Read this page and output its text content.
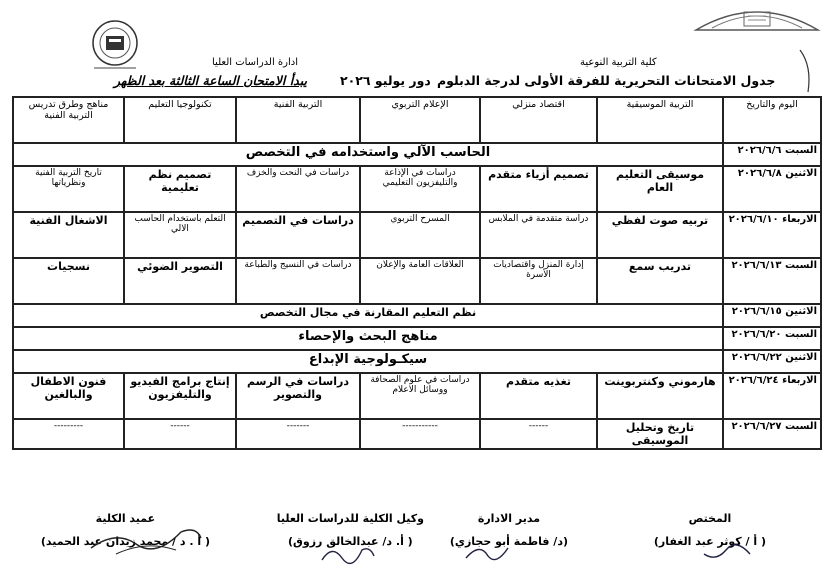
كلية التربية النوعية
ادارة الدراسات العليا
جدول الامتحانات التحريرية للفرقة الأولى لدرجة الدبلوم
دور يوليو ٢٠٢٦
يبدأ الامتحان الساعة الثالثة بعد الظهر
اليوم والتاريخ	التربية الموسيقية	اقتصاد منزلي	الإعلام التربوي	التربية الفنية	تكنولوجيا التعليم	مناهج وطرق تدريس التربية الفنية
السبت ٢٠٢٦/٦/٦	الحاسب الآلي واستخدامه في التخصص					
الاثنين ٢٠٢٦/٦/٨	موسيقى التعليم العام	تصميم أزياء متقدم	دراسات في الإذاعة والتليفزيون التعليمي	دراسات في النحت والخزف	تصميم نظم تعليمية	تاريخ التربية الفنية ونظرياتها
الاربعاء ٢٠٢٦/٦/١٠	تربيه صوت لفظي	دراسة متقدمة في الملابس	المسرح التربوي	دراسات في التصميم	التعلم باستخدام الحاسب الالي	الاشغال الفنية
السبت ٢٠٢٦/٦/١٣	تدريب سمع	إدارة المنزل واقتصاديات الأسرة	العلاقات العامة والإعلان	دراسات في النسيج والطباعة	التصوير الضوئي	نسجيات
الاثنين ٢٠٢٦/٦/١٥	نظم التعليم المقارنة في مجال التخصص					
السبت ٢٠٢٦/٦/٢٠	مناهج البحث والإحصاء					
الاثنين ٢٠٢٦/٦/٢٢	سيكـولوجية الإبداع					
الاربعاء ٢٠٢٦/٦/٢٤	هارموني وكنتربوينت	تغذيه متقدم	دراسات في علوم الصحافة ووسائل الاعلام	دراسات في الرسم والتصوير	إنتاج برامج الفيديو والتليفزيون	فنون الاطفال والبالغين
السبت ٢٠٢٦/٦/٢٧	تاريخ وتحليل الموسيقى	------	-----------	-------	------	---------
المختص
( أ / كوثر عبد الغفار)
مدير الادارة
(د/ فاطمة أبو حجازي)
وكيل الكلية للدراسات العليا
( أ. د/ عبدالخالق رزوق)
عميد الكلية
( أ . د / محمد زيدان عبد الحميد)
